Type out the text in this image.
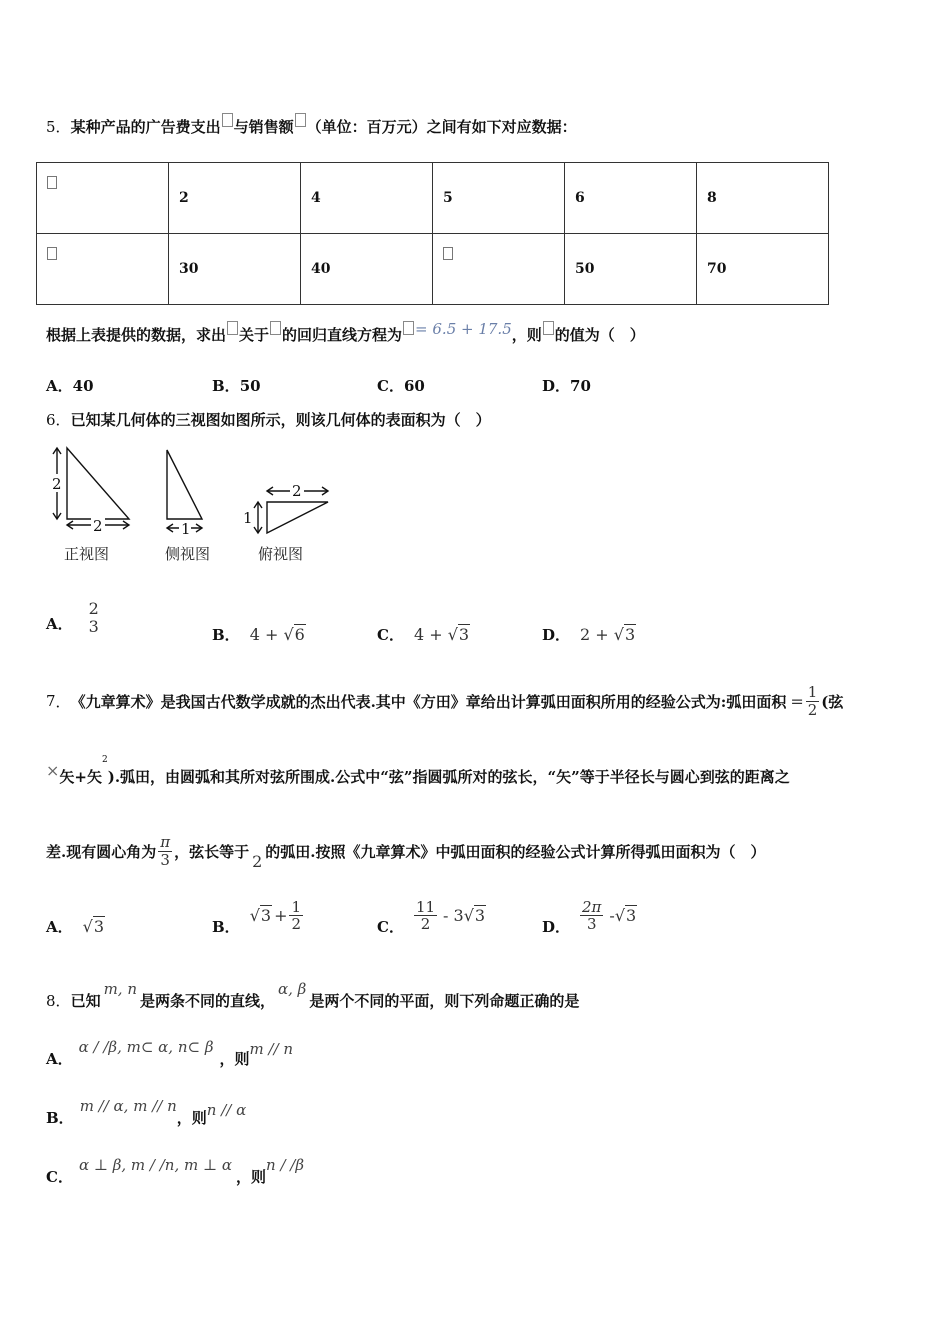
5．某种产品的广告费支出 与销售额 （单位：百万元）之间有如下对应数据：
	2	4	5	6	8
	30	40		50	70
根据上表提供的数据，求出 关于 的回归直线方程为 = 6.5 + 17.5，则 的值为（　）
A．40	B．50	C．60	D．70
6．已知某几何体的三视图如图所示，则该几何体的表面积为（　）
2
2	1
2
1
正视图	侧视图	俯视图
A．
2
3	B． 4 + √6	C． 4 + √3	D． 2 + √3
7 ． 《九章算术》是我国古代数学成就的杰出代表.其中《方田》章给出计算弧田面积所用的经验公式为:弧田面积 = $\frac{1}{2}$ (弦
×矢+矢$^2$).弧田，由圆弧和其所对弦所围成.公式中“弦”指圆弧所对的弦长，“矢”等于半径长与圆心到弦的距离之
差.现有圆心角为 $\frac{\pi}{3}$ ，弦长等于 2 的弧田.按照《九章算术》中弧田面积的经验公式计算所得弧田面积为（　）
A． √3	B．
$√3 + \frac{1}{2}$	C． $\frac{11}{2} - 3$ √3
D． $\frac{2\pi}{3} - √3$
8．已知m, n是两条不同的直线，α, β是两个不同的平面，则下列命题正确的是
A．α / /β, m⊂ α, n⊂ β，则m // n
B．m // α, m // n，则n // α
C．α ⊥ β, m / /n, m ⊥ α，则n / /β
